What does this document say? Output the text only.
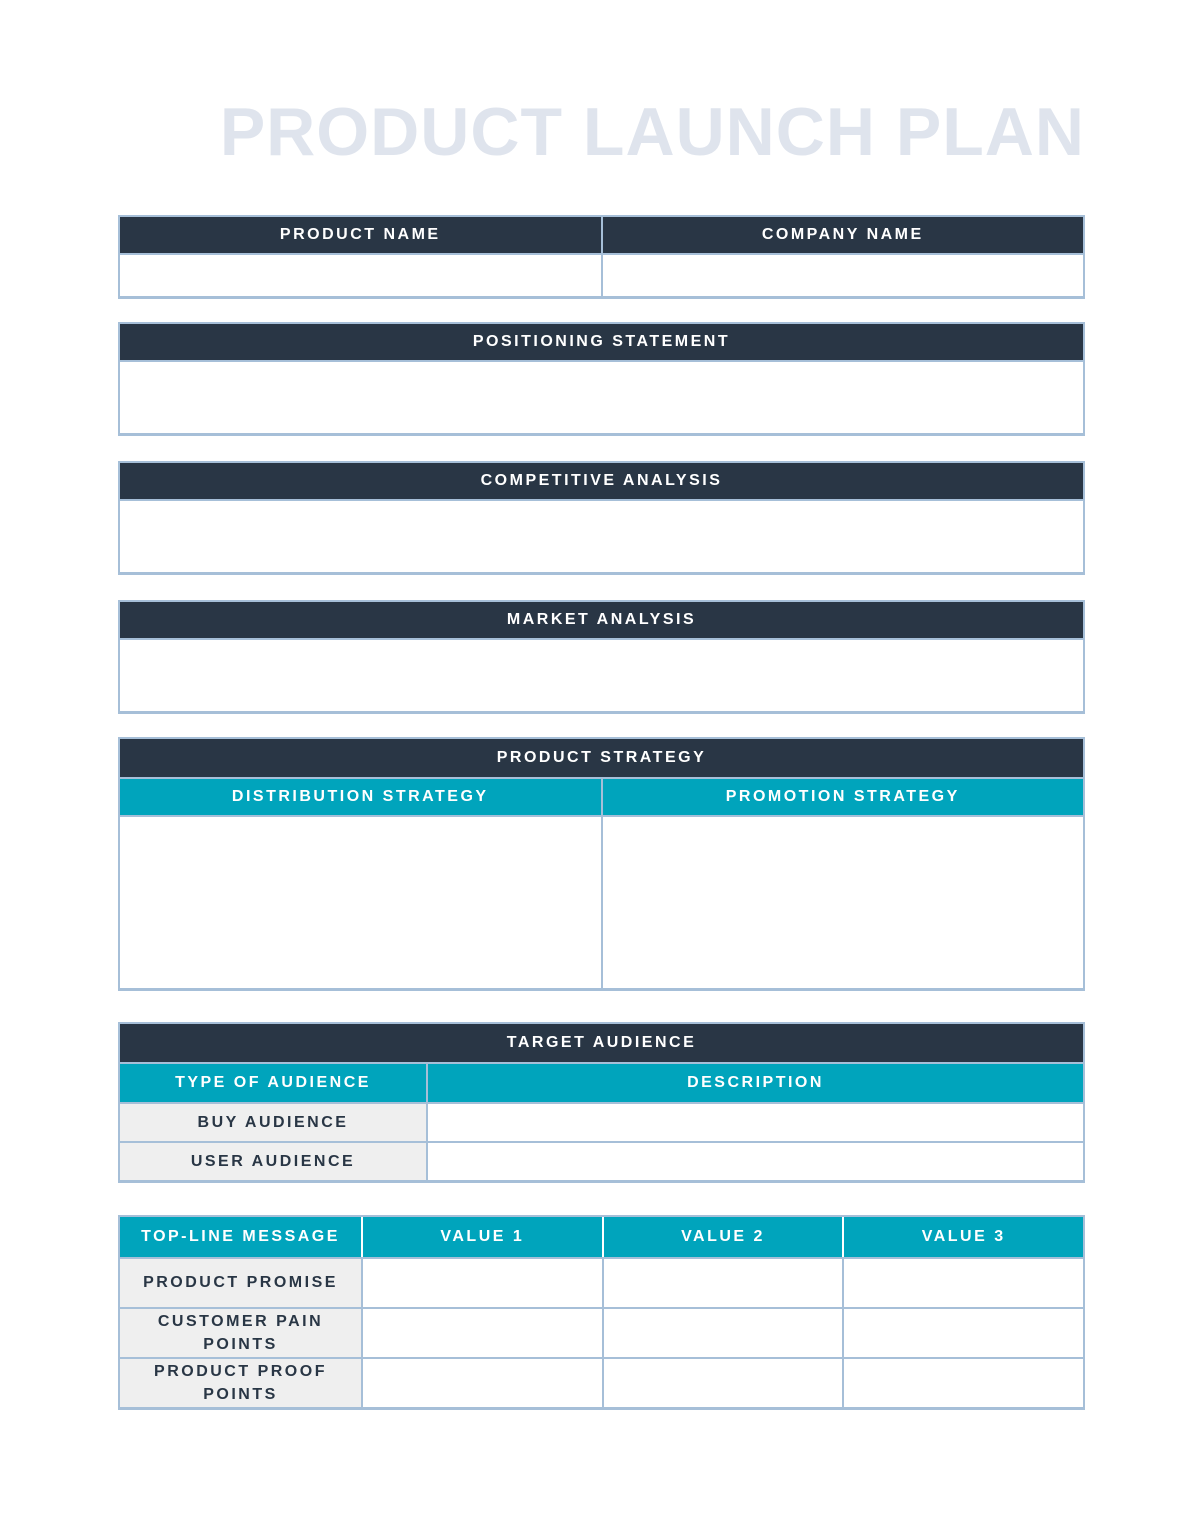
PRODUCT LAUNCH PLAN
PRODUCT NAME	COMPANY NAME
POSITIONING STATEMENT
COMPETITIVE ANALYSIS
MARKET ANALYSIS
PRODUCT STRATEGY
DISTRIBUTION STRATEGY	PROMOTION STRATEGY
TARGET AUDIENCE
TYPE OF AUDIENCE	DESCRIPTION
BUY AUDIENCE
USER AUDIENCE
TOP-LINE MESSAGE	VALUE 1	VALUE 2	VALUE 3
PRODUCT PROMISE
CUSTOMER PAIN POINTS
PRODUCT PROOF POINTS
